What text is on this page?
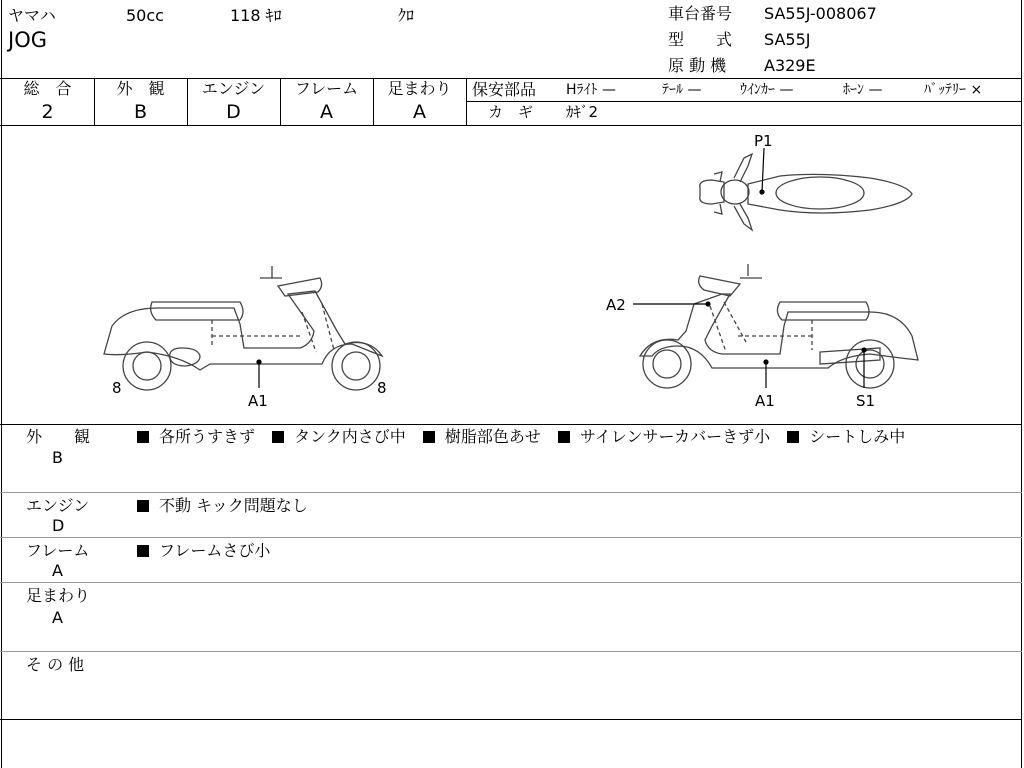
ヤマハ	50cc	118 ｷﾛ	ｸﾛ
JOG
車台番号 SA55J-008067
型　　式 SA55J
原 動 機 A329E
総　合	外　観	エンジン	フレーム	足まわり
2	B	D	A	A
保安部品 Hﾗｲﾄ —	ﾃｰﾙ —	ｳｲﾝｶｰ —	ﾎｰﾝ —	ﾊﾞｯﾃﾘｰ ×
カ　ギ ｶｷﾞ2
P1
A2
A1	A1	S1
8	8
外　　観
B
各所うすきず タンク内さび中 樹脂部色あせ サイレンサーカバーきず小 シートしみ中
エンジン
D
不動 キック問題なし
フレーム
A
フレームさび小
足まわり
A
そ の 他
